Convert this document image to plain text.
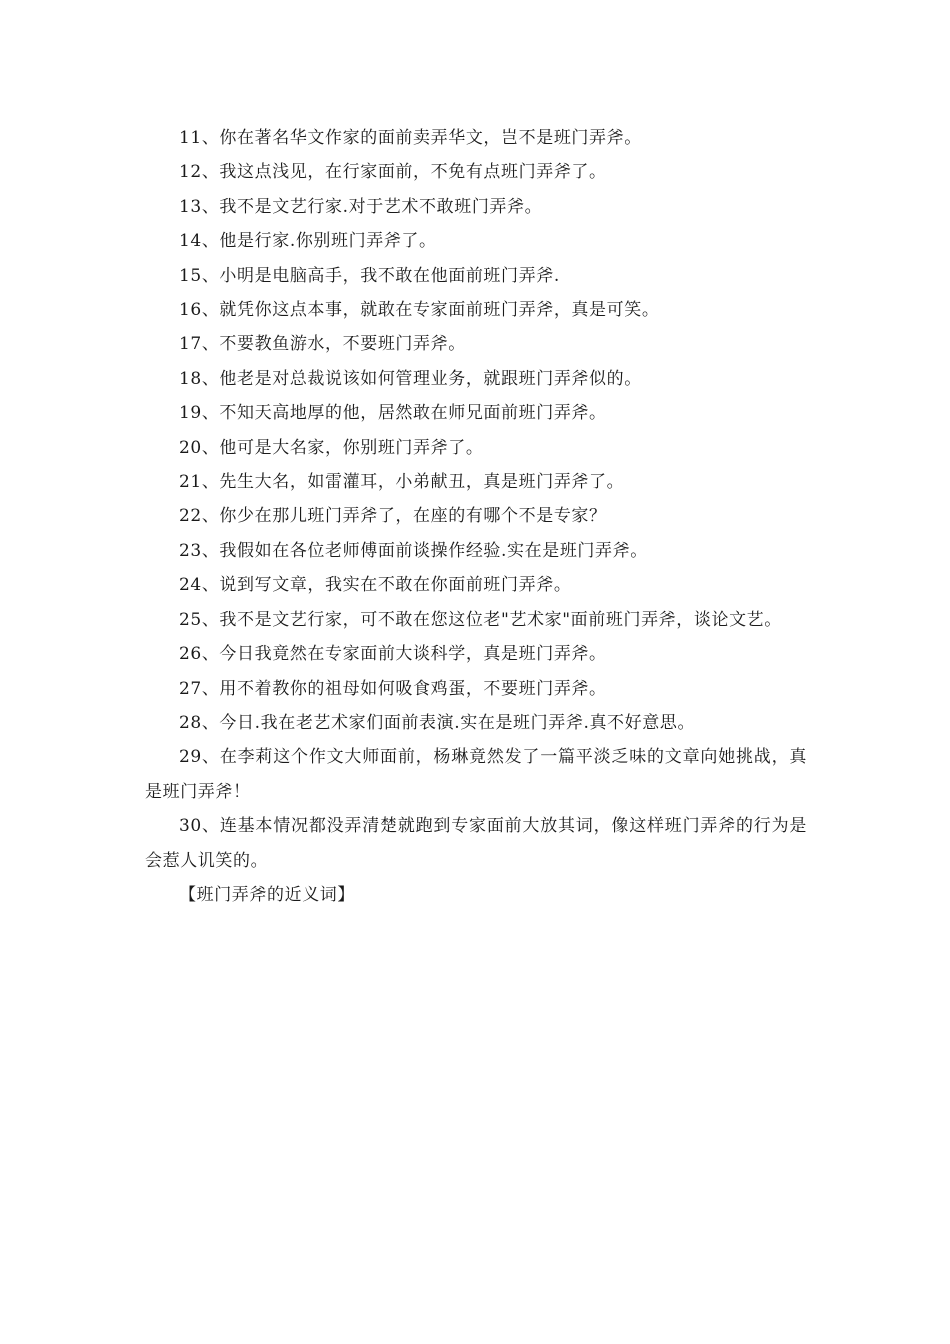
11、你在著名华文作家的面前卖弄华文，岂不是班门弄斧。

12、我这点浅见，在行家面前，不免有点班门弄斧了。

13、我不是文艺行家.对于艺术不敢班门弄斧。

14、他是行家.你别班门弄斧了。

15、小明是电脑高手，我不敢在他面前班门弄斧.

16、就凭你这点本事，就敢在专家面前班门弄斧，真是可笑。

17、不要教鱼游水，不要班门弄斧。

18、他老是对总裁说该如何管理业务，就跟班门弄斧似的。

19、不知天高地厚的他，居然敢在师兄面前班门弄斧。

20、他可是大名家，你别班门弄斧了。

21、先生大名，如雷灌耳，小弟献丑，真是班门弄斧了。

22、你少在那儿班门弄斧了，在座的有哪个不是专家？

23、我假如在各位老师傅面前谈操作经验.实在是班门弄斧。

24、说到写文章，我实在不敢在你面前班门弄斧。

25、我不是文艺行家，可不敢在您这位老"艺术家"面前班门弄斧，谈论文艺。

26、今日我竟然在专家面前大谈科学，真是班门弄斧。

27、用不着教你的祖母如何吸食鸡蛋，不要班门弄斧。

28、今日.我在老艺术家们面前表演.实在是班门弄斧.真不好意思。

29、在李莉这个作文大师面前，杨琳竟然发了一篇平淡乏味的文章向她挑战，真是班门弄斧！

30、连基本情况都没弄清楚就跑到专家面前大放其词，像这样班门弄斧的行为是会惹人讥笑的。

【班门弄斧的近义词】
